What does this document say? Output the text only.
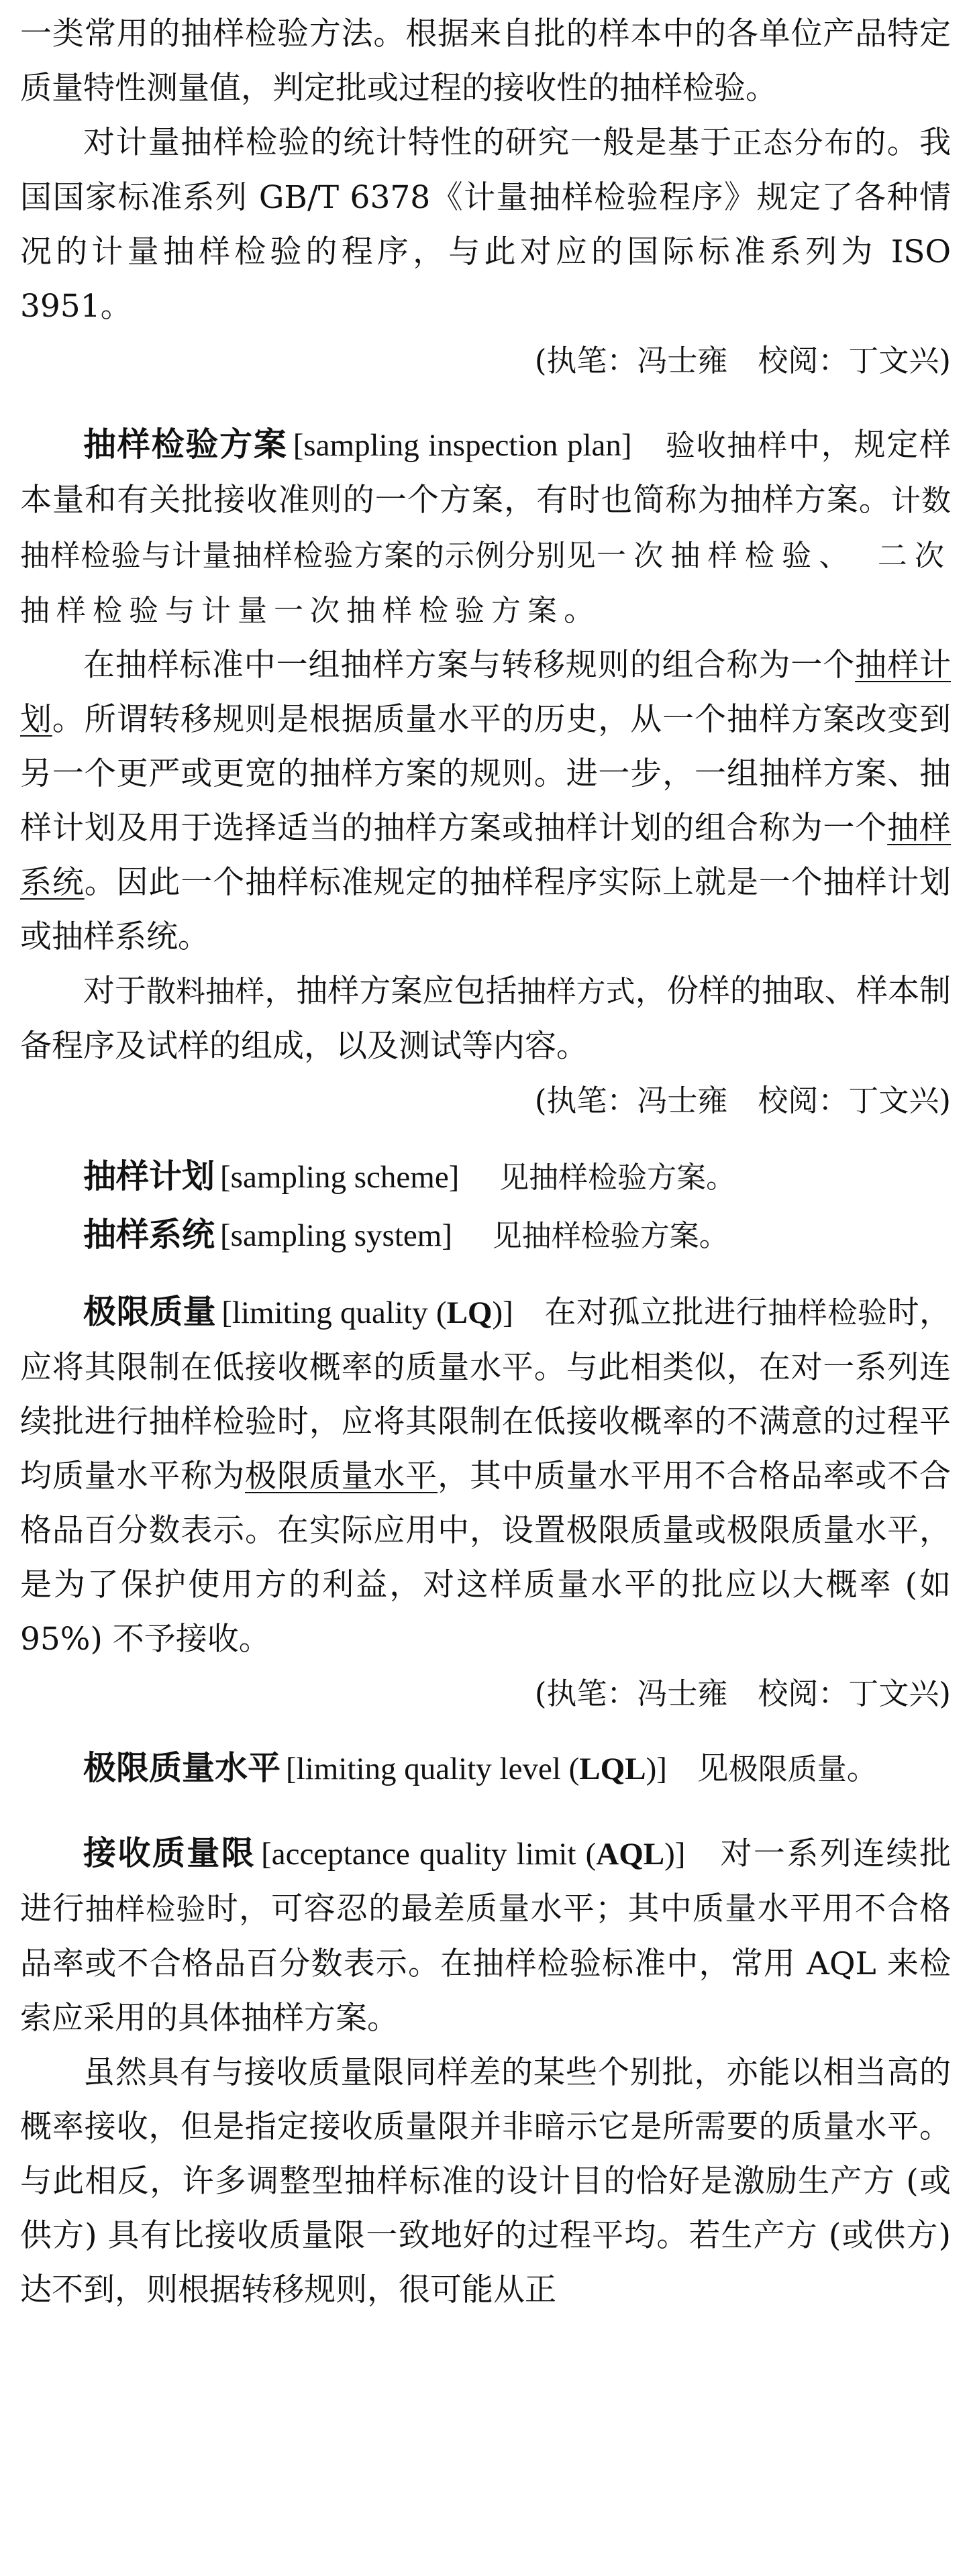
一类常用的抽样检验方法。根据来自批的样本中的各单位产品特定质量特性测量值，判定批或过程的接收性的抽样检验。

对计量抽样检验的统计特性的研究一般是基于正态分布的。我国国家标准系列 GB/T 6378《计量抽样检验程序》规定了各种情况的计量抽样检验的程序，与此对应的国际标准系列为 ISO 3951。

(执笔：冯士雍　校阅：丁文兴)

抽样检验方案 [sampling inspection plan] 验收抽样中，规定样本量和有关批接收准则的一个方案，有时也简称为抽样方案。计数抽样检验与计量抽样检验方案的示例分别见一次抽样检验、 二次抽样检验与计量一次抽样检验方案。

在抽样标准中一组抽样方案与转移规则的组合称为一个抽样计划。所谓转移规则是根据质量水平的历史，从一个抽样方案改变到另一个更严或更宽的抽样方案的规则。进一步，一组抽样方案、抽样计划及用于选择适当的抽样方案或抽样计划的组合称为一个抽样系统。因此一个抽样标准规定的抽样程序实际上就是一个抽样计划或抽样系统。

对于散料抽样，抽样方案应包括抽样方式，份样的抽取、样本制备程序及试样的组成，以及测试等内容。

(执笔：冯士雍　校阅：丁文兴)

抽样计划 [sampling scheme] 见抽样检验方案。

抽样系统 [sampling system] 见抽样检验方案。

极限质量 [limiting quality (LQ)] 在对孤立批进行抽样检验时，应将其限制在低接收概率的质量水平。与此相类似，在对一系列连续批进行抽样检验时，应将其限制在低接收概率的不满意的过程平均质量水平称为极限质量水平，其中质量水平用不合格品率或不合格品百分数表示。在实际应用中，设置极限质量或极限质量水平，是为了保护使用方的利益，对这样质量水平的批应以大概率 (如 95%) 不予接收。

(执笔：冯士雍　校阅：丁文兴)

极限质量水平 [limiting quality level (LQL)] 见极限质量。

接收质量限 [acceptance quality limit (AQL)] 对一系列连续批进行抽样检验时，可容忍的最差质量水平；其中质量水平用不合格品率或不合格品百分数表示。在抽样检验标准中，常用 AQL 来检索应采用的具体抽样方案。

虽然具有与接收质量限同样差的某些个别批，亦能以相当高的概率接收，但是指定接收质量限并非暗示它是所需要的质量水平。与此相反，许多调整型抽样标准的设计目的恰好是激励生产方 (或供方) 具有比接收质量限一致地好的过程平均。若生产方 (或供方) 达不到，则根据转移规则，很可能从正
